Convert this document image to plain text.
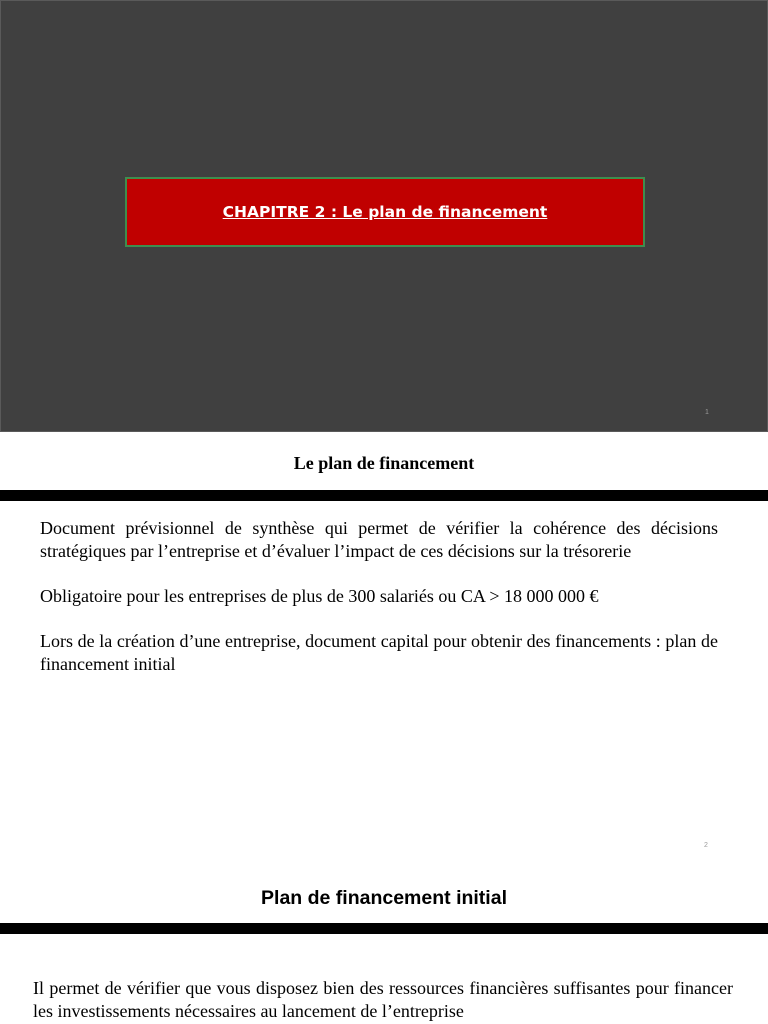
CHAPITRE 2 : Le plan de financement
1
Le plan de financement

Document prévisionnel de synthèse qui permet de vérifier la cohérence des décisions stratégiques par l’entreprise et d’évaluer l’impact de ces décisions sur la trésorerie

Obligatoire pour les entreprises de plus de 300 salariés ou CA > 18 000 000 €

Lors de la création d’une entreprise, document capital pour obtenir des financements : plan de financement initial

2
Plan de financement initial

Il permet de vérifier que vous disposez bien des ressources financières suffisantes pour financer les investissements nécessaires au lancement de l’entreprise
